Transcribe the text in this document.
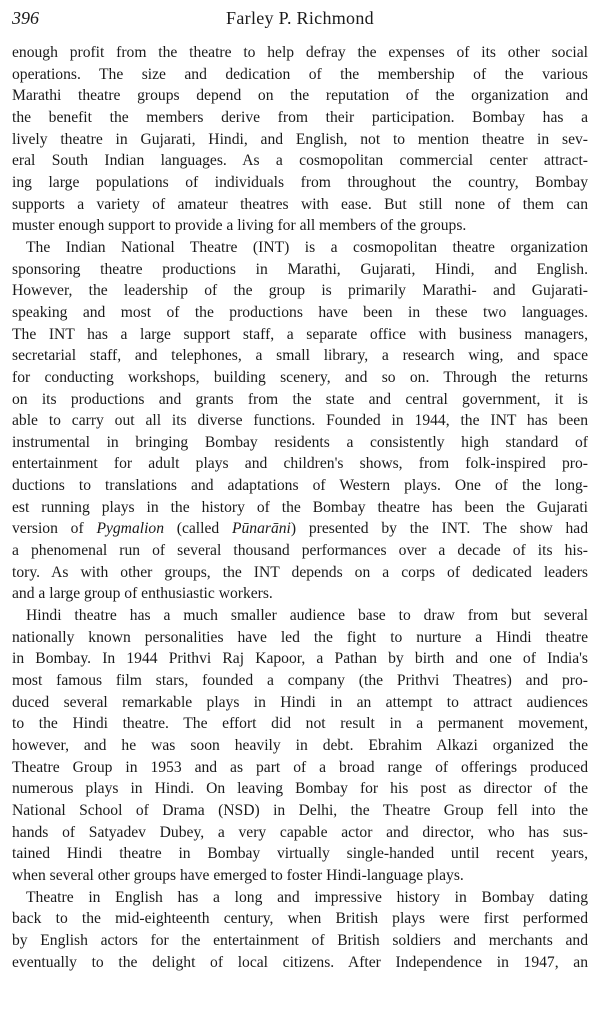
396	Farley P. Richmond
enough profit from the theatre to help defray the expenses of its other social
operations. The size and dedication of the membership of the various
Marathi theatre groups depend on the reputation of the organization and
the benefit the members derive from their participation. Bombay has a
lively theatre in Gujarati, Hindi, and English, not to mention theatre in sev-
eral South Indian languages. As a cosmopolitan commercial center attract-
ing large populations of individuals from throughout the country, Bombay
supports a variety of amateur theatres with ease. But still none of them can
muster enough support to provide a living for all members of the groups.
The Indian National Theatre (INT) is a cosmopolitan theatre organization
sponsoring theatre productions in Marathi, Gujarati, Hindi, and English.
However, the leadership of the group is primarily Marathi- and Gujarati-
speaking and most of the productions have been in these two languages.
The INT has a large support staff, a separate office with business managers,
secretarial staff, and telephones, a small library, a research wing, and space
for conducting workshops, building scenery, and so on. Through the returns
on its productions and grants from the state and central government, it is
able to carry out all its diverse functions. Founded in 1944, the INT has been
instrumental in bringing Bombay residents a consistently high standard of
entertainment for adult plays and children's shows, from folk-inspired pro-
ductions to translations and adaptations of Western plays. One of the long-
est running plays in the history of the Bombay theatre has been the Gujarati
version of Pygmalion (called Pūnarāni) presented by the INT. The show had
a phenomenal run of several thousand performances over a decade of its his-
tory. As with other groups, the INT depends on a corps of dedicated leaders
and a large group of enthusiastic workers.
Hindi theatre has a much smaller audience base to draw from but several
nationally known personalities have led the fight to nurture a Hindi theatre
in Bombay. In 1944 Prithvi Raj Kapoor, a Pathan by birth and one of India's
most famous film stars, founded a company (the Prithvi Theatres) and pro-
duced several remarkable plays in Hindi in an attempt to attract audiences
to the Hindi theatre. The effort did not result in a permanent movement,
however, and he was soon heavily in debt. Ebrahim Alkazi organized the
Theatre Group in 1953 and as part of a broad range of offerings produced
numerous plays in Hindi. On leaving Bombay for his post as director of the
National School of Drama (NSD) in Delhi, the Theatre Group fell into the
hands of Satyadev Dubey, a very capable actor and director, who has sus-
tained Hindi theatre in Bombay virtually single-handed until recent years,
when several other groups have emerged to foster Hindi-language plays.
Theatre in English has a long and impressive history in Bombay dating
back to the mid-eighteenth century, when British plays were first performed
by English actors for the entertainment of British soldiers and merchants and
eventually to the delight of local citizens. After Independence in 1947, an
